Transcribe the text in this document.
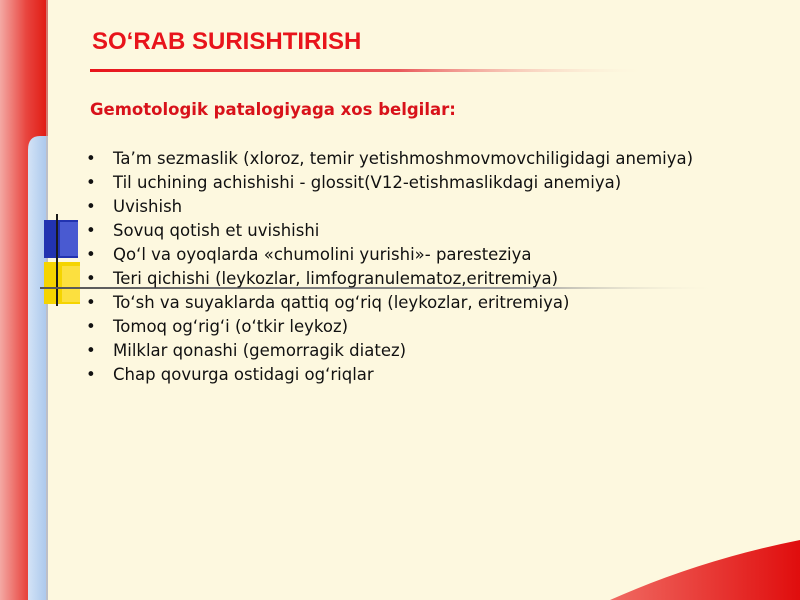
SO‘RAB SURISHTIRISH
Gemotologik patalogiyaga xos belgilar:
• Ta’m sezmaslik (xloroz, temir yetishmoshmovmovchiligidagi anemiya)
• Til uchining achishishi - glossit(V12-etishmaslikdagi anemiya)
• Uvishish
• Sovuq qotish et uvishishi
• Qo‘l va oyoqlarda «chumolini yurishi»- paresteziya
• Teri qichishi (leykozlar, limfogranulematoz,eritremiya)
• To‘sh va suyaklarda qattiq og‘riq (leykozlar, eritremiya)
• Tomoq og‘rig‘i (o‘tkir leykoz)
• Milklar qonashi (gemorragik diatez)
• Chap qovurga ostidagi og‘riqlar
